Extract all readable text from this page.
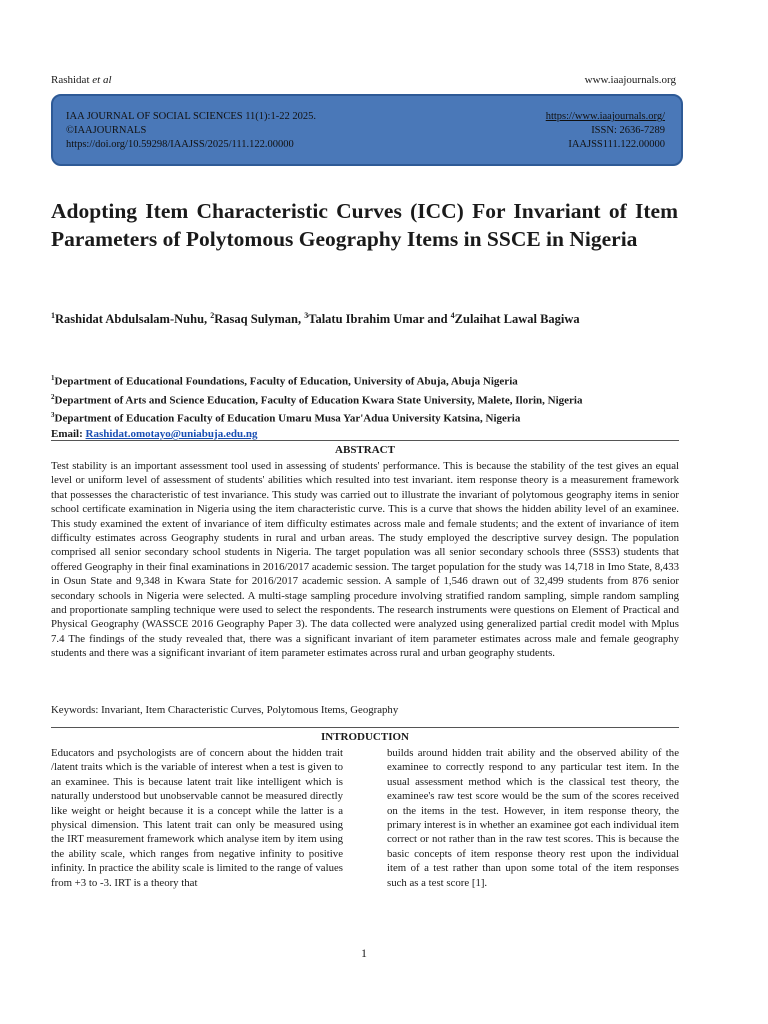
Rashidat et al	www.iaajournals.org
IAA JOURNAL OF SOCIAL SCIENCES 11(1):1-22 2025.
©IAAJOURNALS
https://doi.org/10.59298/IAAJSS/2025/111.122.00000
https://www.iaajournals.org/
ISSN: 2636-7289
IAAJSS111.122.00000
Adopting Item Characteristic Curves (ICC) For Invariant of Item Parameters of Polytomous Geography Items in SSCE in Nigeria

$^1$Rashidat Abdulsalam-Nuhu, $^2$Rasaq Sulyman, $^3$Talatu Ibrahim Umar and $^4$Zulaihat Lawal Bagiwa

$^1$Department of Educational Foundations, Faculty of Education, University of Abuja, Abuja Nigeria
$^2$Department of Arts and Science Education, Faculty of Education Kwara State University, Malete, Ilorin, Nigeria
$^3$Department of Education Faculty of Education Umaru Musa Yar'Adua University Katsina, Nigeria
Email: Rashidat.omotayo@uniabuja.edu.ng
ABSTRACT

Test stability is an important assessment tool used in assessing of students' performance. This is because the stability of the test gives an equal level or uniform level of assessment of students' abilities which resulted into test invariant. item response theory is a measurement framework that possesses the characteristic of test invariance. This study was carried out to illustrate the invariant of polytomous geography items in senior school certificate examination in Nigeria using the item characteristic curve. This is a curve that shows the hidden ability level of an examinee. This study examined the extent of invariance of item difficulty estimates across male and female students; and the extent of invariance of item difficulty estimates across Geography students in rural and urban areas. The study employed the descriptive survey design. The population comprised all senior secondary school students in Nigeria. The target population was all senior secondary schools three (SSS3) students that offered Geography in their final examinations in 2016/2017 academic session. The target population for the study was 14,718 in Imo State, 8,433 in Osun State and 9,348 in Kwara State for 2016/2017 academic session. A sample of 1,546 drawn out of 32,499 students from 876 senior secondary schools in Nigeria were selected. A multi-stage sampling procedure involving stratified random sampling, simple random sampling and proportionate sampling technique were used to select the respondents. The research instruments were questions on Element of Practical and Physical Geography (WASSCE 2016 Geography Paper 3). The data collected were analyzed using generalized partial credit model with Mplus 7.4 The findings of the study revealed that, there was a significant invariant of item parameter estimates across male and female geography students and there was a significant invariant of item parameter estimates across rural and urban geography students.

Keywords: Invariant, Item Characteristic Curves, Polytomous Items, Geography

INTRODUCTION

Educators and psychologists are of concern about the hidden trait /latent traits which is the variable of interest when a test is given to an examinee. This is because latent trait like intelligent which is naturally understood but unobservable cannot be measured directly like weight or height because it is a concept while the latter is a physical dimension. This latent trait can only be measured using the IRT measurement framework which analyse item by item using the ability scale, which ranges from negative infinity to positive infinity. In practice the ability scale is limited to the range of values from +3 to -3. IRT is a theory that

builds around hidden trait ability and the observed ability of the examinee to correctly respond to any particular test item. In the usual assessment method which is the classical test theory, the examinee's raw test score would be the sum of the scores received on the items in the test. However, in item response theory, the primary interest is in whether an examinee got each individual item correct or not rather than in the raw test scores. This is because the basic concepts of item response theory rest upon the individual item of a test rather than upon some total of the item responses such as a test score [1].

1
